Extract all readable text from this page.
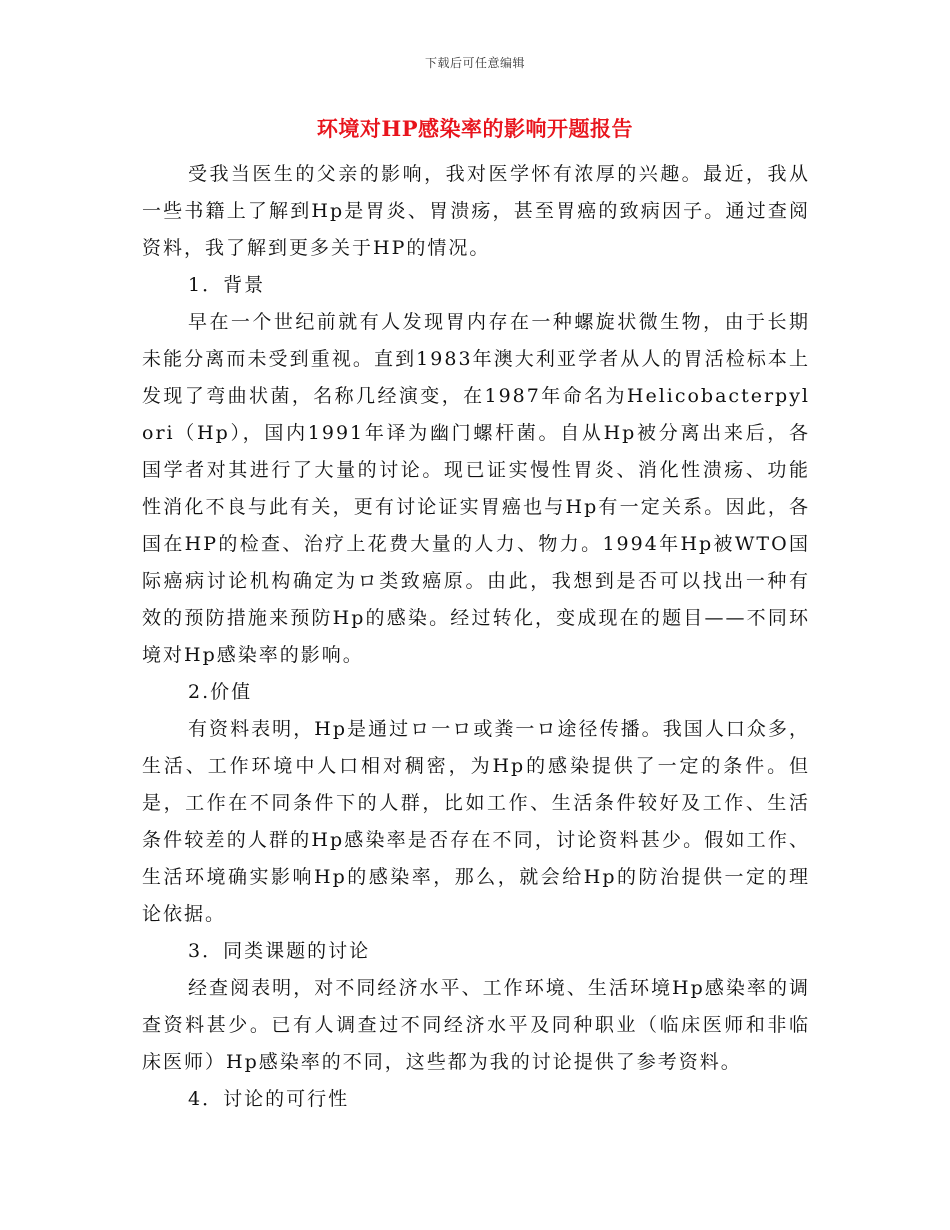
下载后可任意编辑
环境对HP感染率的影响开题报告

受我当医生的父亲的影响，我对医学怀有浓厚的兴趣。最近，我从一些书籍上了解到Hp是胃炎、胃溃疡，甚至胃癌的致病因子。通过查阅资料，我了解到更多关于HP的情况。

1．背景

早在一个世纪前就有人发现胃内存在一种螺旋状微生物，由于长期未能分离而未受到重视。直到1983年澳大利亚学者从人的胃活检标本上发现了弯曲状菌，名称几经演变，在1987年命名为Helicobacterpylori（Hp），国内1991年译为幽门螺杆菌。自从Hp被分离出来后，各国学者对其进行了大量的讨论。现已证实慢性胃炎、消化性溃疡、功能性消化不良与此有关，更有讨论证实胃癌也与Hp有一定关系。因此，各国在HP的检查、治疗上花费大量的人力、物力。1994年Hp被WTO国际癌病讨论机构确定为ロ类致癌原。由此，我想到是否可以找出一种有效的预防措施来预防Hp的感染。经过转化，变成现在的题目——不同环境对Hp感染率的影响。

2.价值

有资料表明，Hp是通过ロ一ロ或粪一ロ途径传播。我国人口众多，生活、工作环境中人口相对稠密，为Hp的感染提供了一定的条件。但是，工作在不同条件下的人群，比如工作、生活条件较好及工作、生活条件较差的人群的Hp感染率是否存在不同，讨论资料甚少。假如工作、生活环境确实影响Hp的感染率，那么，就会给Hp的防治提供一定的理论依据。

3．同类课题的讨论

经查阅表明，对不同经济水平、工作环境、生活环境Hp感染率的调查资料甚少。已有人调查过不同经济水平及同种职业（临床医师和非临床医师）Hp感染率的不同，这些都为我的讨论提供了参考资料。

4．讨论的可行性
